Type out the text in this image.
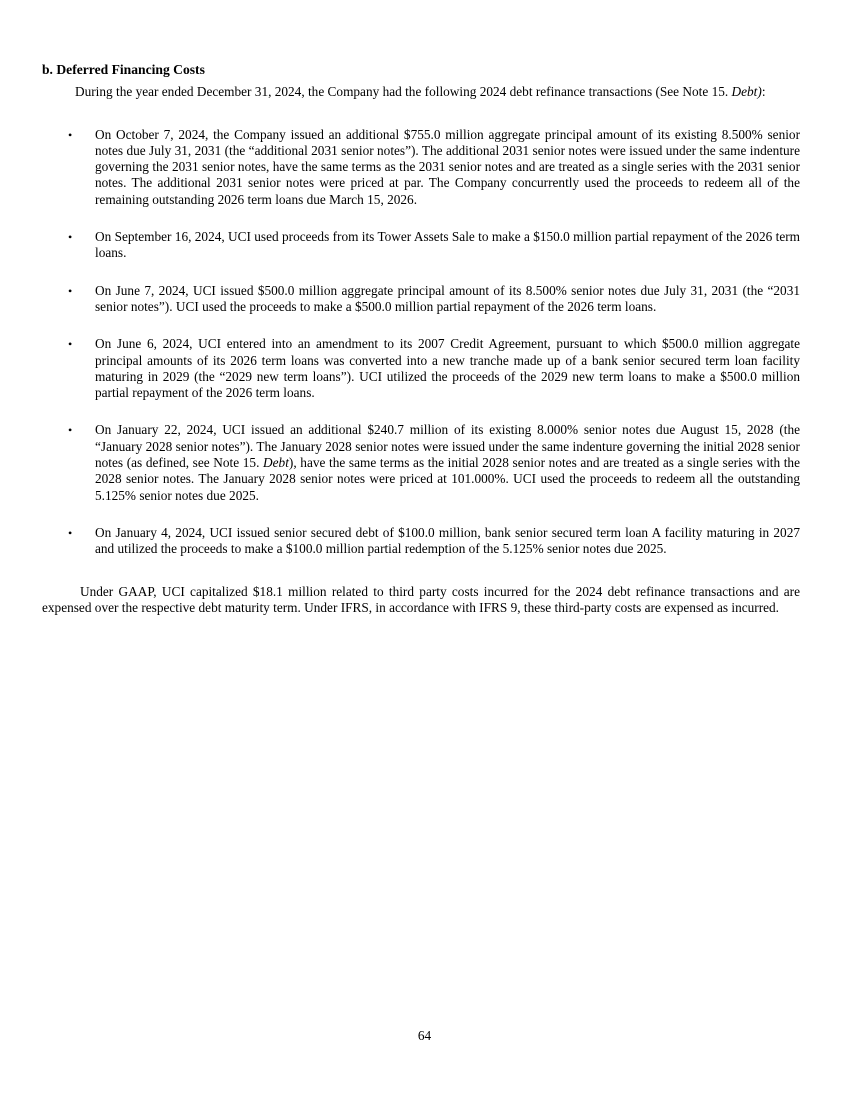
b. Deferred Financing Costs

During the year ended December 31, 2024, the Company had the following 2024 debt refinance transactions (See Note 15. Debt):

•	On October 7, 2024, the Company issued an additional $755.0 million aggregate principal amount of its existing 8.500% senior notes due July 31, 2031 (the “additional 2031 senior notes”). The additional 2031 senior notes were issued under the same indenture governing the 2031 senior notes, have the same terms as the 2031 senior notes and are treated as a single series with the 2031 senior notes. The additional 2031 senior notes were priced at par. The Company concurrently used the proceeds to redeem all of the remaining outstanding 2026 term loans due March 15, 2026.
•	On September 16, 2024, UCI used proceeds from its Tower Assets Sale to make a $150.0 million partial repayment of the 2026 term loans.
•	On June 7, 2024, UCI issued $500.0 million aggregate principal amount of its 8.500% senior notes due July 31, 2031 (the “2031 senior notes”). UCI used the proceeds to make a $500.0 million partial repayment of the 2026 term loans.
•	On June 6, 2024, UCI entered into an amendment to its 2007 Credit Agreement, pursuant to which $500.0 million aggregate principal amounts of its 2026 term loans was converted into a new tranche made up of a bank senior secured term loan facility maturing in 2029 (the “2029 new term loans”). UCI utilized the proceeds of the 2029 new term loans to make a $500.0 million partial repayment of the 2026 term loans.
•	On January 22, 2024, UCI issued an additional $240.7 million of its existing 8.000% senior notes due August 15, 2028 (the “January 2028 senior notes”). The January 2028 senior notes were issued under the same indenture governing the initial 2028 senior notes (as defined, see Note 15. Debt), have the same terms as the initial 2028 senior notes and are treated as a single series with the 2028 senior notes. The January 2028 senior notes were priced at 101.000%. UCI used the proceeds to redeem all the outstanding 5.125% senior notes due 2025.
•	On January 4, 2024, UCI issued senior secured debt of $100.0 million, bank senior secured term loan A facility maturing in 2027 and utilized the proceeds to make a $100.0 million partial redemption of the 5.125% senior notes due 2025.

Under GAAP, UCI capitalized $18.1 million related to third party costs incurred for the 2024 debt refinance transactions and are expensed over the respective debt maturity term. Under IFRS, in accordance with IFRS 9, these third-party costs are expensed as incurred.

64
